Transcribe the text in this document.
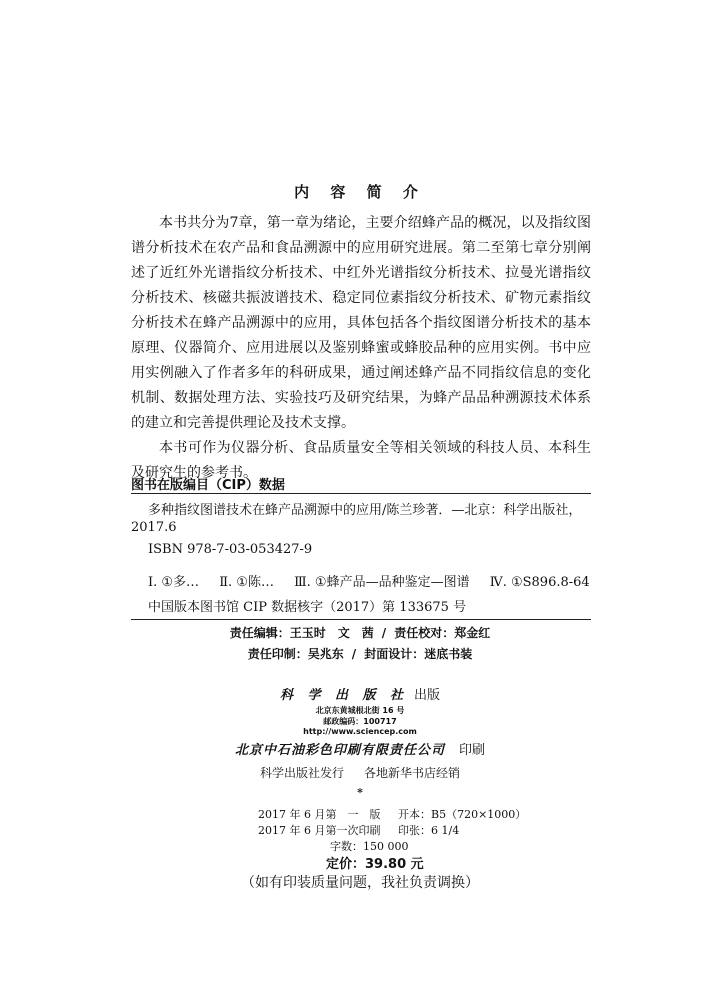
内 容 简 介

本书共分为7章，第一章为绪论，主要介绍蜂产品的概况，以及指纹图谱分析技术在农产品和食品溯源中的应用研究进展。第二至第七章分别阐述了近红外光谱指纹分析技术、中红外光谱指纹分析技术、拉曼光谱指纹分析技术、核磁共振波谱技术、稳定同位素指纹分析技术、矿物元素指纹分析技术在蜂产品溯源中的应用，具体包括各个指纹图谱分析技术的基本原理、仪器简介、应用进展以及鉴别蜂蜜或蜂胶品种的应用实例。书中应用实例融入了作者多年的科研成果，通过阐述蜂产品不同指纹信息的变化机制、数据处理方法、实验技巧及研究结果，为蜂产品品种溯源技术体系的建立和完善提供理论及技术支撑。

本书可作为仪器分析、食品质量安全等相关领域的科技人员、本科生及研究生的参考书。

图书在版编目（CIP）数据
多种指纹图谱技术在蜂产品溯源中的应用/陈兰珍著．—北京：科学出版社，
2017.6
ISBN 978-7-03-053427-9
Ⅰ. ①多… Ⅱ. ①陈… Ⅲ. ①蜂产品—品种鉴定—图谱 Ⅳ. ①S896.8-64
中国版本图书馆 CIP 数据核字（2017）第 133675 号
责任编辑：王玉时　文　茜 / 责任校对：郑金红
责任印制：吴兆东 / 封面设计：迷底书装
科 学 出 版 社 出版
北京东黄城根北街 16 号
邮政编码：100717
http://www.sciencep.com
北京中石油彩色印刷有限责任公司 印刷
科学出版社发行 各地新华书店经销
*
2017 年 6 月第　一　版 开本：B5（720×1000）
2017 年 6 月第一次印刷 印张：6 1/4
字数：150 000
定价：39.80 元
（如有印装质量问题，我社负责调换）
